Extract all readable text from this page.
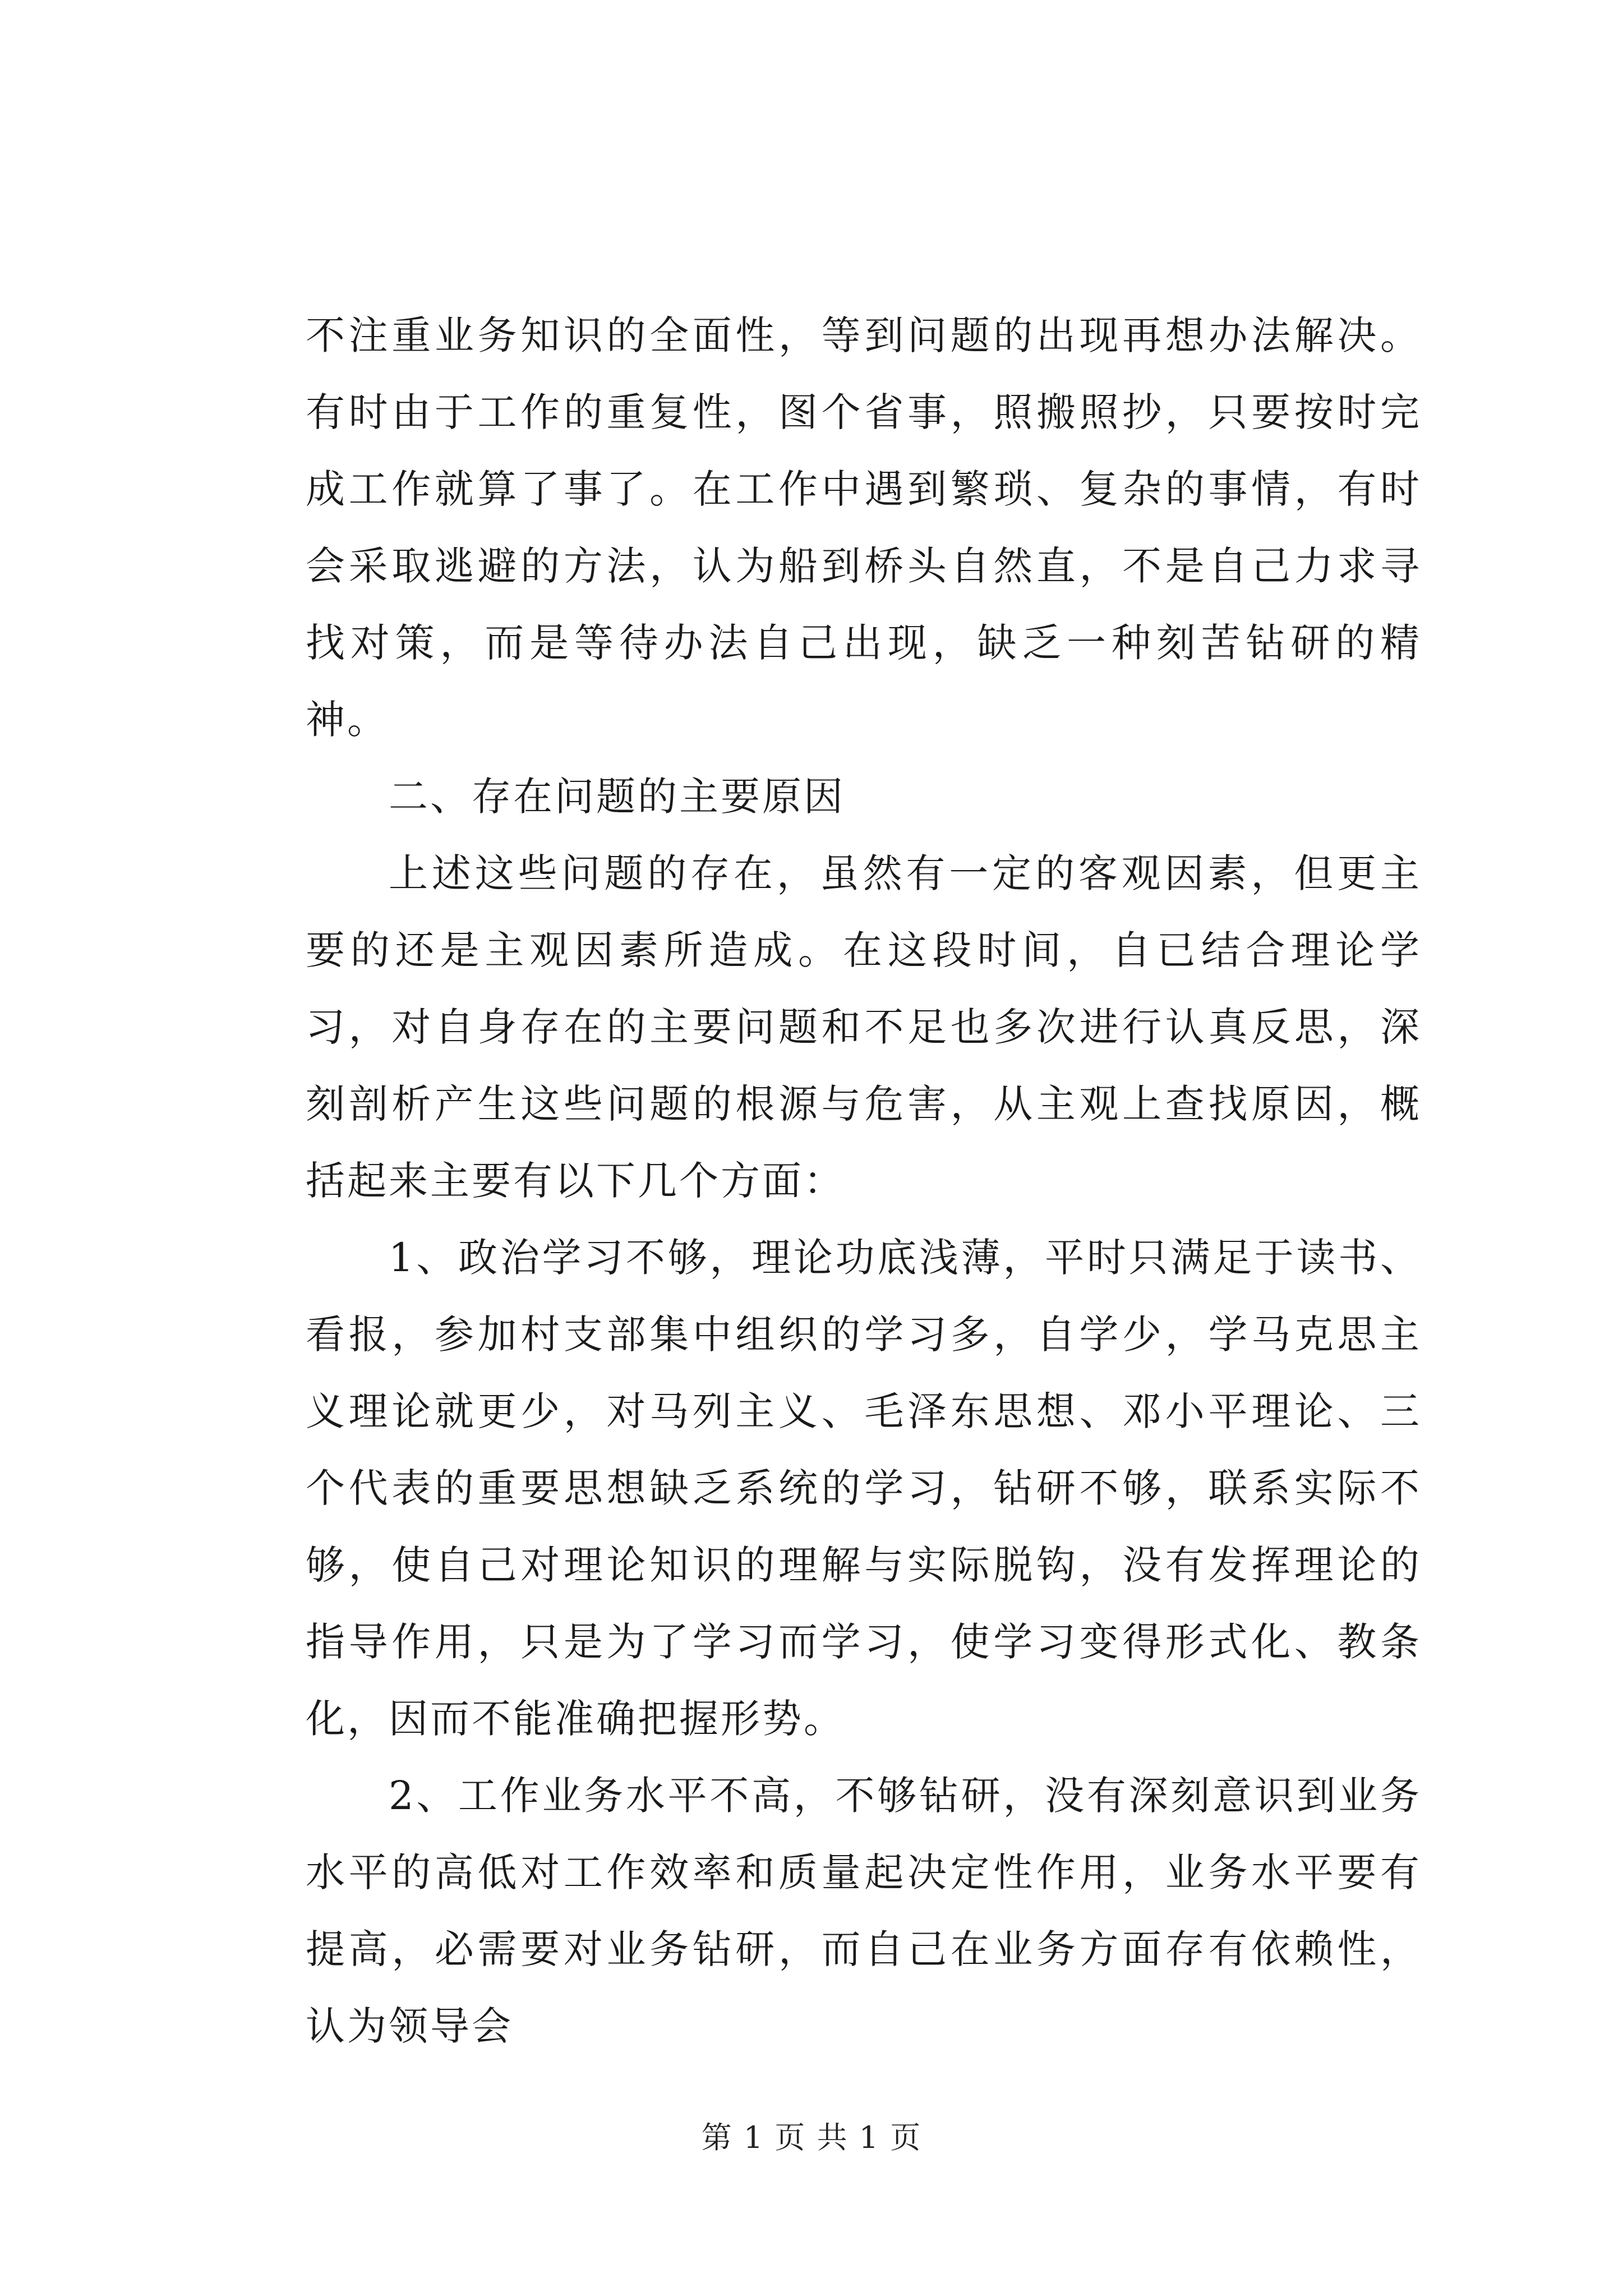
不注重业务知识的全面性，等到问题的出现再想办法解决。有时由于工作的重复性，图个省事，照搬照抄，只要按时完成工作就算了事了。在工作中遇到繁琐、复杂的事情，有时会采取逃避的方法，认为船到桥头自然直，不是自己力求寻找对策，而是等待办法自己出现，缺乏一种刻苦钻研的精神。

二、存在问题的主要原因

上述这些问题的存在，虽然有一定的客观因素，但更主要的还是主观因素所造成。在这段时间，自已结合理论学习，对自身存在的主要问题和不足也多次进行认真反思，深刻剖析产生这些问题的根源与危害，从主观上查找原因，概括起来主要有以下几个方面：

1、政治学习不够，理论功底浅薄，平时只满足于读书、看报，参加村支部集中组织的学习多，自学少，学马克思主义理论就更少，对马列主义、毛泽东思想、邓小平理论、三个代表的重要思想缺乏系统的学习，钻研不够，联系实际不够，使自己对理论知识的理解与实际脱钩，没有发挥理论的指导作用，只是为了学习而学习，使学习变得形式化、教条化，因而不能准确把握形势。

2、工作业务水平不高，不够钻研，没有深刻意识到业务水平的高低对工作效率和质量起决定性作用，业务水平要有提高，必需要对业务钻研，而自己在业务方面存有依赖性，认为领导会

第 1 页 共 1 页
